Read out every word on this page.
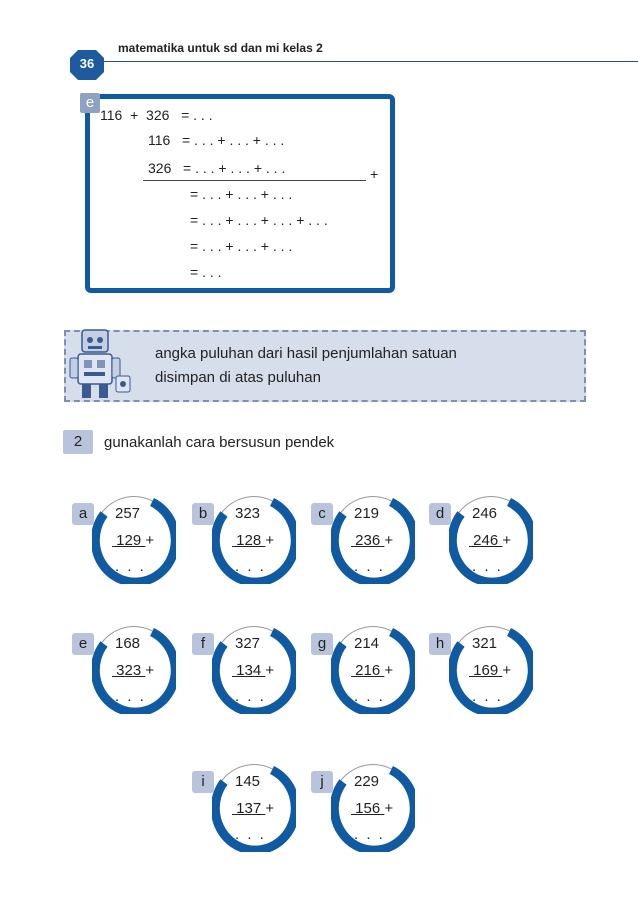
36
matematika untuk sd dan mi kelas 2
e
116  +  326   = . . .
116   = . . . + . . . + . . .
326   = . . . + . . . + . . .	+
= . . . + . . . + . . .
= . . . + . . . + . . . + . . .
= . . . + . . . + . . .
= . . .
angka puluhan dari hasil penjumlahan satuan
disimpan di atas puluhan
2	gunakanlah cara bersusun pendek
a	257
129 +
. . .
b	323
128 +
. . .
c	219
236 +
. . .
d	246
246 +
. . .
e	168
323 +
. . .
f	327
134 +
. . .
g	214
216 +
. . .
h	321
169 +
. . .
i	145
137 +
. . .
j	229
156 +
. . .
